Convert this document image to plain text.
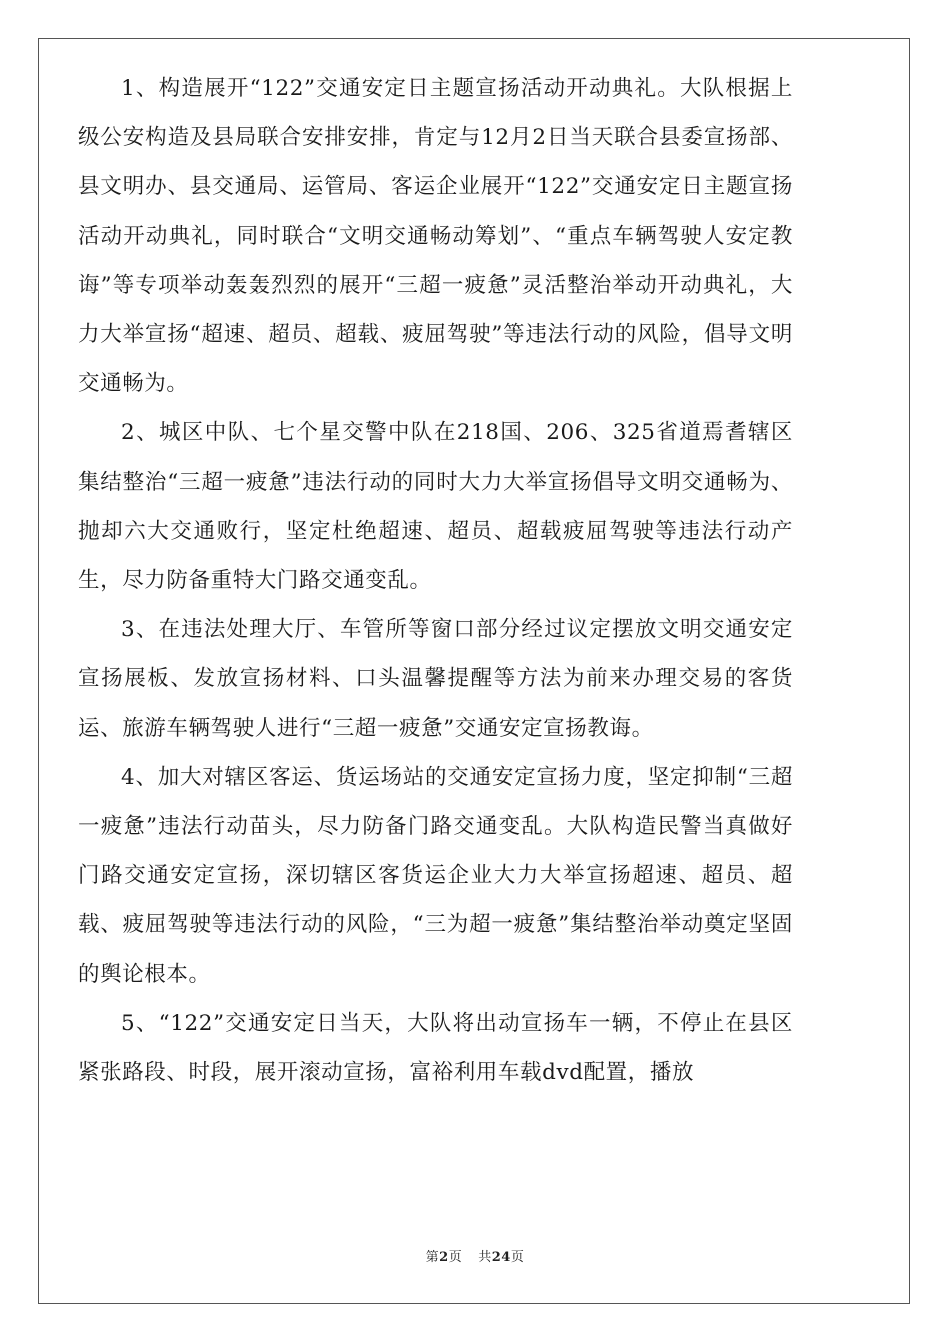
1、构造展开“122”交通安定日主题宣扬活动开动典礼。大队根据上级公安构造及县局联合安排安排，肯定与12月2日当天联合县委宣扬部、县文明办、县交通局、运管局、客运企业展开“122”交通安定日主题宣扬活动开动典礼，同时联合“文明交通畅动筹划”、“重点车辆驾驶人安定教诲”等专项举动轰轰烈烈的展开“三超一疲惫”灵活整治举动开动典礼，大力大举宣扬“超速、超员、超载、疲屈驾驶”等违法行动的风险，倡导文明交通畅为。

2、城区中队、七个星交警中队在218国、206、325省道焉耆辖区集结整治“三超一疲惫”违法行动的同时大力大举宣扬倡导文明交通畅为、抛却六大交通败行，坚定杜绝超速、超员、超载疲屈驾驶等违法行动产生，尽力防备重特大门路交通变乱。

3、在违法处理大厅、车管所等窗口部分经过议定摆放文明交通安定宣扬展板、发放宣扬材料、口头温馨提醒等方法为前来办理交易的客货运、旅游车辆驾驶人进行“三超一疲惫”交通安定宣扬教诲。

4、加大对辖区客运、货运场站的交通安定宣扬力度，坚定抑制“三超一疲惫”违法行动苗头，尽力防备门路交通变乱。大队构造民警当真做好门路交通安定宣扬，深切辖区客货运企业大力大举宣扬超速、超员、超载、疲屈驾驶等违法行动的风险，“三为超一疲惫”集结整治举动奠定坚固的舆论根本。

5、“122”交通安定日当天，大队将出动宣扬车一辆，不停止在县区紧张路段、时段，展开滚动宣扬，富裕利用车载dvd配置，播放

第2页 共24页
